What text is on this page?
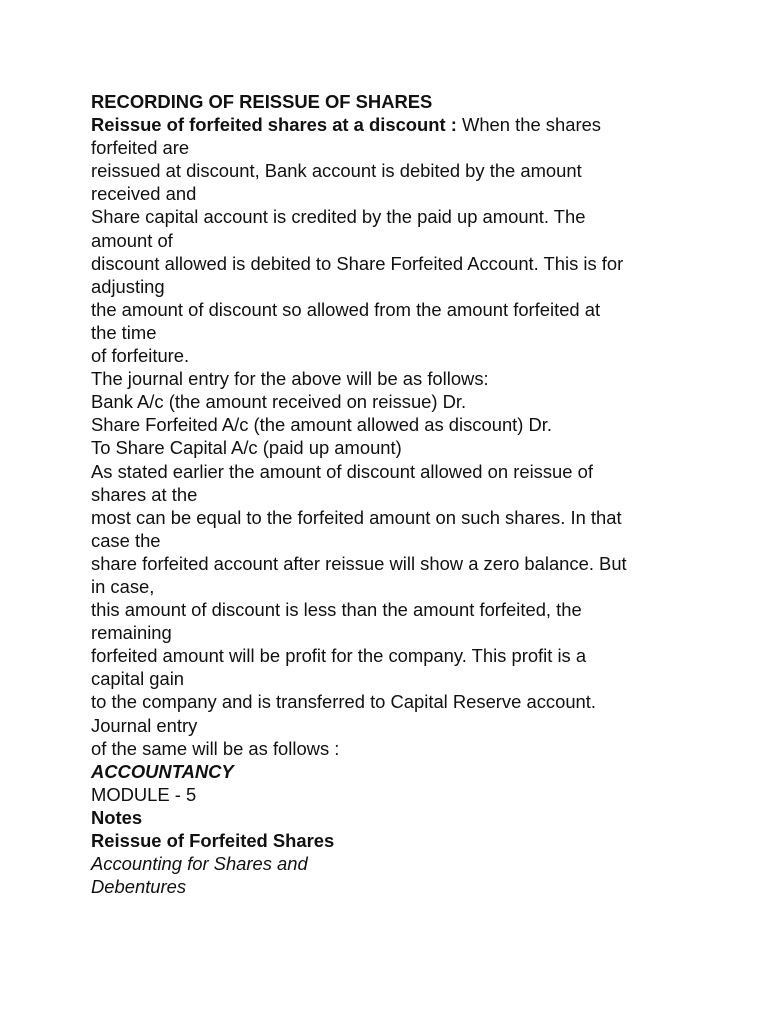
RECORDING OF REISSUE OF SHARES
Reissue of forfeited shares at a discount : When the shares
forfeited are
reissued at discount, Bank account is debited by the amount
received and
Share capital account is credited by the paid up amount. The
amount of
discount allowed is debited to Share Forfeited Account. This is for
adjusting
the amount of discount so allowed from the amount forfeited at
the time
of forfeiture.
The journal entry for the above will be as follows:
Bank A/c (the amount received on reissue) Dr.
Share Forfeited A/c (the amount allowed as discount) Dr.
To Share Capital A/c (paid up amount)
As stated earlier the amount of discount allowed on reissue of
shares at the
most can be equal to the forfeited amount on such shares. In that
case the
share forfeited account after reissue will show a zero balance. But
in case,
this amount of discount is less than the amount forfeited, the
remaining
forfeited amount will be profit for the company. This profit is a
capital gain
to the company and is transferred to Capital Reserve account.
Journal entry
of the same will be as follows :
ACCOUNTANCY
MODULE - 5
Notes
Reissue of Forfeited Shares
Accounting for Shares and
Debentures
